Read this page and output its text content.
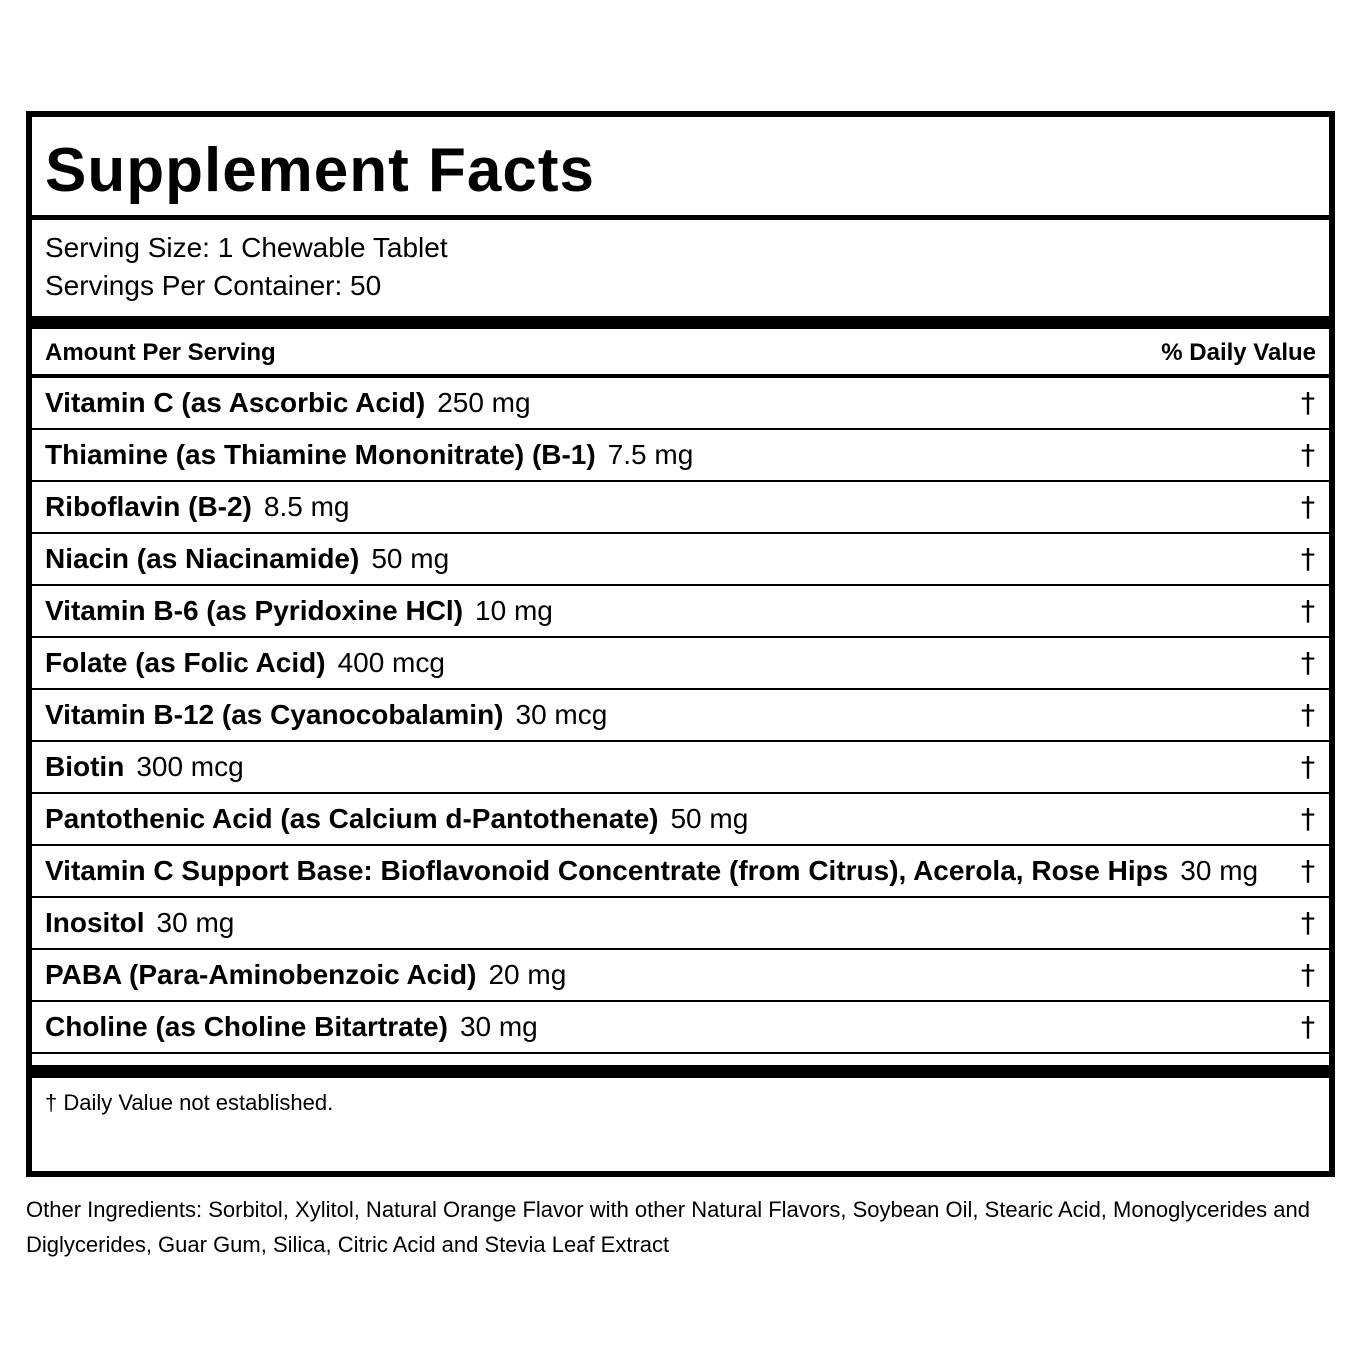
Supplement Facts
Serving Size: 1 Chewable Tablet
Servings Per Container: 50
Amount Per Serving	% Daily Value
Vitamin C (as Ascorbic Acid) 250 mg	†
Thiamine (as Thiamine Mononitrate) (B-1) 7.5 mg	†
Riboflavin (B-2) 8.5 mg	†
Niacin (as Niacinamide) 50 mg	†
Vitamin B-6 (as Pyridoxine HCl) 10 mg	†
Folate (as Folic Acid) 400 mcg	†
Vitamin B-12 (as Cyanocobalamin) 30 mcg	†
Biotin 300 mcg	†
Pantothenic Acid (as Calcium d-Pantothenate) 50 mg	†
Vitamin C Support Base: Bioflavonoid Concentrate (from Citrus), Acerola, Rose Hips 30 mg †
Inositol 30 mg	†
PABA (Para-Aminobenzoic Acid) 20 mg	†
Choline (as Choline Bitartrate) 30 mg	†
† Daily Value not established.
Other Ingredients: Sorbitol, Xylitol, Natural Orange Flavor with other Natural Flavors, Soybean Oil, Stearic Acid, Monoglycerides and Diglycerides, Guar Gum, Silica, Citric Acid and Stevia Leaf Extract
